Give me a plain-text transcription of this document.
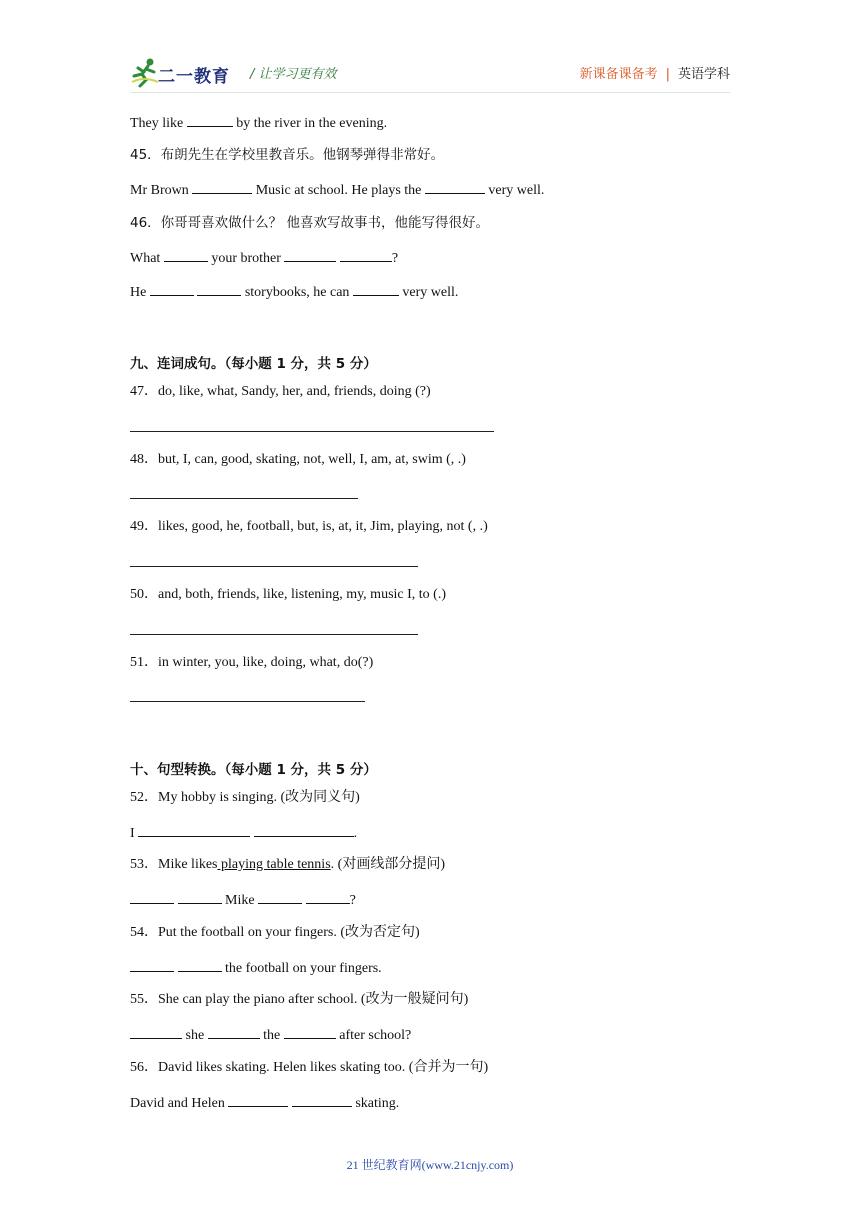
二一教育 / 让学习更有效	新课备课备考 | 英语学科
They like	by the river in the evening.
45．布朗先生在学校里教音乐。他钢琴弹得非常好。
Mr Brown	Music at school. He plays the	very well.
46．你哥哥喜欢做什么？ 他喜欢写故事书，他能写得很好。
What	your brother	?
He	storybooks, he can	very well.
九、连词成句。（每小题 1 分，共 5 分）
47．do, like, what, Sandy, her, and, friends, doing (?)
48．but, I, can, good, skating, not, well, I, am, at, swim (, .)
49．likes, good, he, football, but, is, at, it, Jim, playing, not (, .)
50．and, both, friends, like, listening, my, music I, to (.)
51．in winter, you, like, doing, what, do(?)
十、句型转换。（每小题 1 分，共 5 分）
52．My hobby is singing. (改为同义句)
I	.
53．Mike likes playing table tennis. (对画线部分提问)
Mike	?
54．Put the football on your fingers. (改为否定句)
the football on your fingers.
55．She can play the piano after school. (改为一般疑问句)
she	the	after school?
56．David likes skating. Helen likes skating too. (合并为一句)
David and Helen	skating.
21 世纪教育网(www.21cnjy.com)
